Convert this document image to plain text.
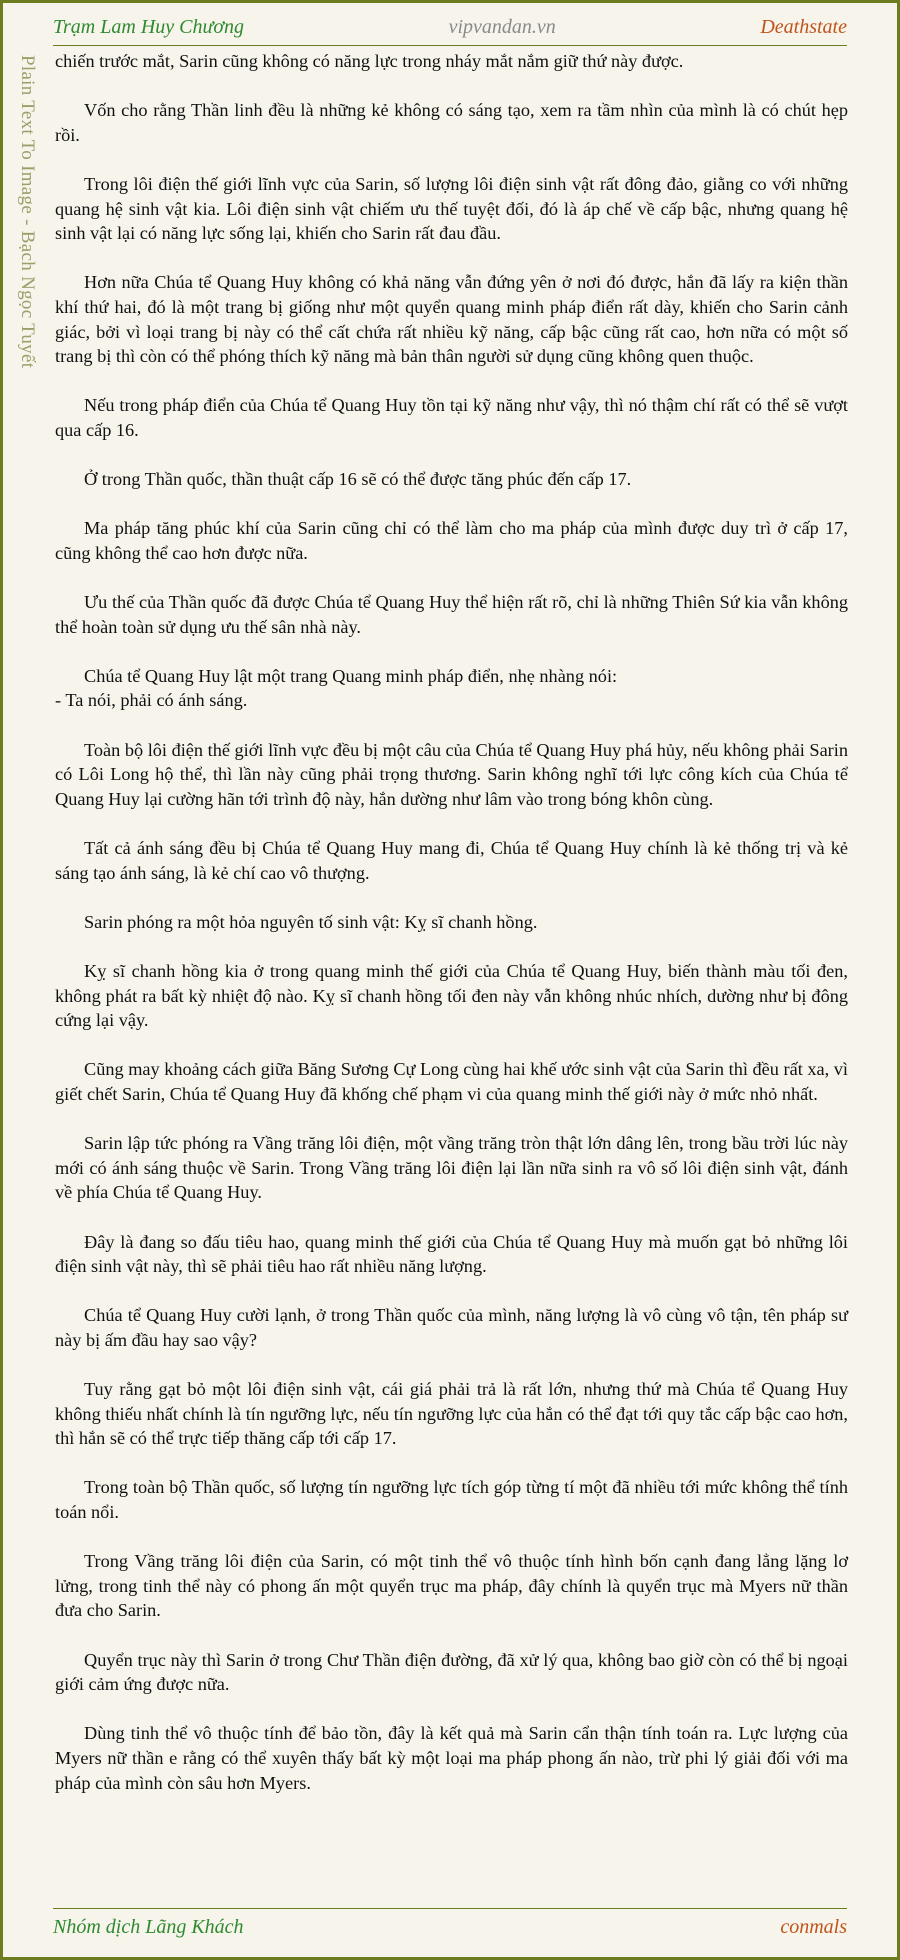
Trạm Lam Huy Chương	vipvandan.vn	Deathstate
Plain Text To Image - Bạch Ngọc Tuyết chiến trước mắt, Sarin cũng không có năng lực trong nháy mắt nắm giữ thứ này được.

Vốn cho rằng Thần linh đều là những kẻ không có sáng tạo, xem ra tầm nhìn của mình là có chút hẹp rồi.

Trong lôi điện thế giới lĩnh vực của Sarin, số lượng lôi điện sinh vật rất đông đảo, giằng co với những quang hệ sinh vật kia. Lôi điện sinh vật chiếm ưu thế tuyệt đối, đó là áp chế về cấp bậc, nhưng quang hệ sinh vật lại có năng lực sống lại, khiến cho Sarin rất đau đầu.

Hơn nữa Chúa tể Quang Huy không có khả năng vẫn đứng yên ở nơi đó được, hắn đã lấy ra kiện thần khí thứ hai, đó là một trang bị giống như một quyển quang minh pháp điển rất dày, khiến cho Sarin cảnh giác, bởi vì loại trang bị này có thể cất chứa rất nhiều kỹ năng, cấp bậc cũng rất cao, hơn nữa có một số trang bị thì còn có thể phóng thích kỹ năng mà bản thân người sử dụng cũng không quen thuộc.

Nếu trong pháp điển của Chúa tể Quang Huy tồn tại kỹ năng như vậy, thì nó thậm chí rất có thể sẽ vượt qua cấp 16.

Ở trong Thần quốc, thần thuật cấp 16 sẽ có thể được tăng phúc đến cấp 17.

Ma pháp tăng phúc khí của Sarin cũng chỉ có thể làm cho ma pháp của mình được duy trì ở cấp 17, cũng không thể cao hơn được nữa.

Ưu thế của Thần quốc đã được Chúa tể Quang Huy thể hiện rất rõ, chỉ là những Thiên Sứ kia vẫn không thể hoàn toàn sử dụng ưu thế sân nhà này.

Chúa tể Quang Huy lật một trang Quang minh pháp điển, nhẹ nhàng nói:

- Ta nói, phải có ánh sáng.

Toàn bộ lôi điện thế giới lĩnh vực đều bị một câu của Chúa tể Quang Huy phá hủy, nếu không phải Sarin có Lôi Long hộ thể, thì lần này cũng phải trọng thương. Sarin không nghĩ tới lực công kích của Chúa tể Quang Huy lại cường hãn tới trình độ này, hắn dường như lâm vào trong bóng khôn cùng.

Tất cả ánh sáng đều bị Chúa tể Quang Huy mang đi, Chúa tể Quang Huy chính là kẻ thống trị và kẻ sáng tạo ánh sáng, là kẻ chí cao vô thượng.

Sarin phóng ra một hỏa nguyên tố sinh vật: Kỵ sĩ chanh hồng.

Kỵ sĩ chanh hồng kia ở trong quang minh thế giới của Chúa tể Quang Huy, biến thành màu tối đen, không phát ra bất kỳ nhiệt độ nào. Kỵ sĩ chanh hồng tối đen này vẫn không nhúc nhích, dường như bị đông cứng lại vậy.

Cũng may khoảng cách giữa Băng Sương Cự Long cùng hai khế ước sinh vật của Sarin thì đều rất xa, vì giết chết Sarin, Chúa tể Quang Huy đã khống chế phạm vi của quang minh thế giới này ở mức nhỏ nhất.

Sarin lập tức phóng ra Vầng trăng lôi điện, một vầng trăng tròn thật lớn dâng lên, trong bầu trời lúc này mới có ánh sáng thuộc về Sarin. Trong Vầng trăng lôi điện lại lần nữa sinh ra vô số lôi điện sinh vật, đánh về phía Chúa tể Quang Huy.

Đây là đang so đấu tiêu hao, quang minh thế giới của Chúa tể Quang Huy mà muốn gạt bỏ những lôi điện sinh vật này, thì sẽ phải tiêu hao rất nhiều năng lượng.

Chúa tể Quang Huy cười lạnh, ở trong Thần quốc của mình, năng lượng là vô cùng vô tận, tên pháp sư này bị ấm đầu hay sao vậy?

Tuy rằng gạt bỏ một lôi điện sinh vật, cái giá phải trả là rất lớn, nhưng thứ mà Chúa tể Quang Huy không thiếu nhất chính là tín ngưỡng lực, nếu tín ngưỡng lực của hắn có thể đạt tới quy tắc cấp bậc cao hơn, thì hắn sẽ có thể trực tiếp thăng cấp tới cấp 17.

Trong toàn bộ Thần quốc, số lượng tín ngưỡng lực tích góp từng tí một đã nhiều tới mức không thể tính toán nổi.

Trong Vầng trăng lôi điện của Sarin, có một tinh thể vô thuộc tính hình bốn cạnh đang lẳng lặng lơ lửng, trong tinh thể này có phong ấn một quyển trục ma pháp, đây chính là quyển trục mà Myers nữ thần đưa cho Sarin.

Quyển trục này thì Sarin ở trong Chư Thần điện đường, đã xử lý qua, không bao giờ còn có thể bị ngoại giới cảm ứng được nữa.

Dùng tinh thể vô thuộc tính để bảo tồn, đây là kết quả mà Sarin cẩn thận tính toán ra. Lực lượng của Myers nữ thần e rằng có thể xuyên thấy bất kỳ một loại ma pháp phong ấn nào, trừ phi lý giải đối với ma pháp của mình còn sâu hơn Myers.

Nhóm dịch Lãng Khách	conmals
